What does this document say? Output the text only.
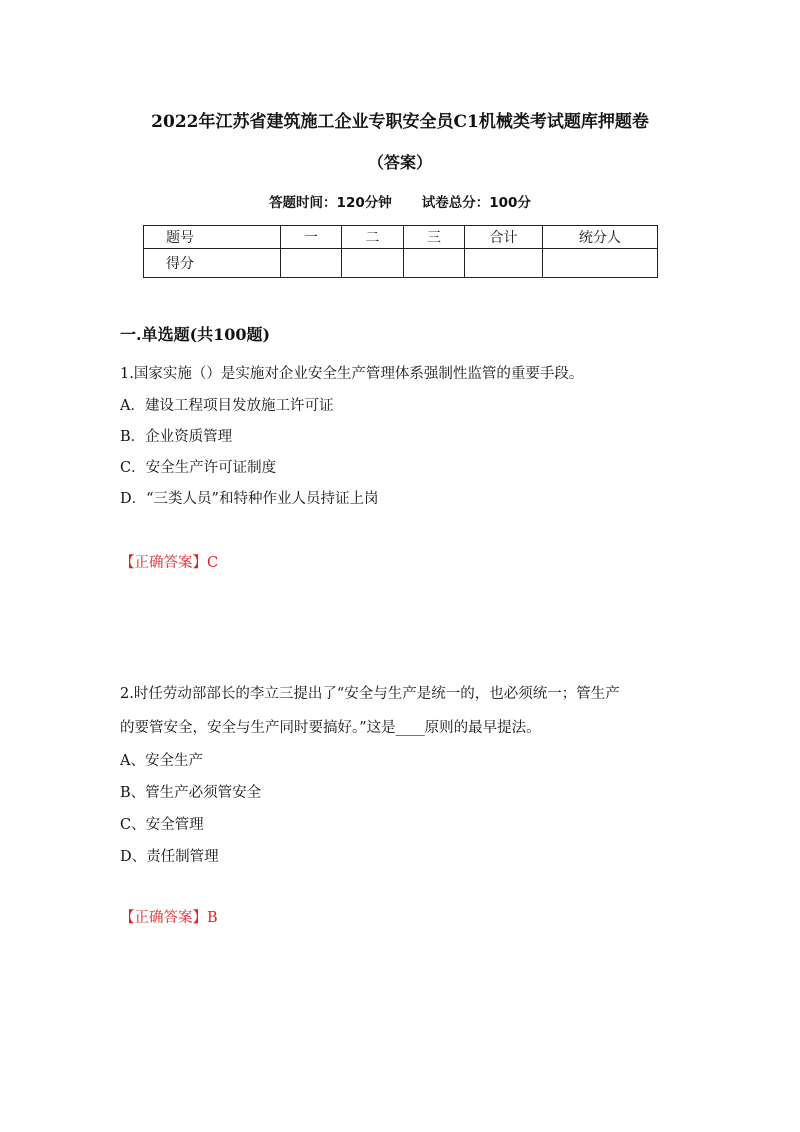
2022年江苏省建筑施工企业专职安全员C1机械类考试题库押题卷
（答案）
答题时间：120分钟 试卷总分：100分
题号	一	二	三	合计	统分人
得分					
一.单选题(共100题)
1.国家实施（）是实施对企业安全生产管理体系强制性监管的重要手段。
A．建设工程项目发放施工许可证
B．企业资质管理
C．安全生产许可证制度
D．“三类人员”和特种作业人员持证上岗
【正确答案】C
2.时任劳动部部长的李立三提出了“安全与生产是统一的，也必须统一；管生产
的要管安全，安全与生产同时要搞好。”这是____原则的最早提法。
A、安全生产
B、管生产必须管安全
C、安全管理
D、责任制管理
【正确答案】B
